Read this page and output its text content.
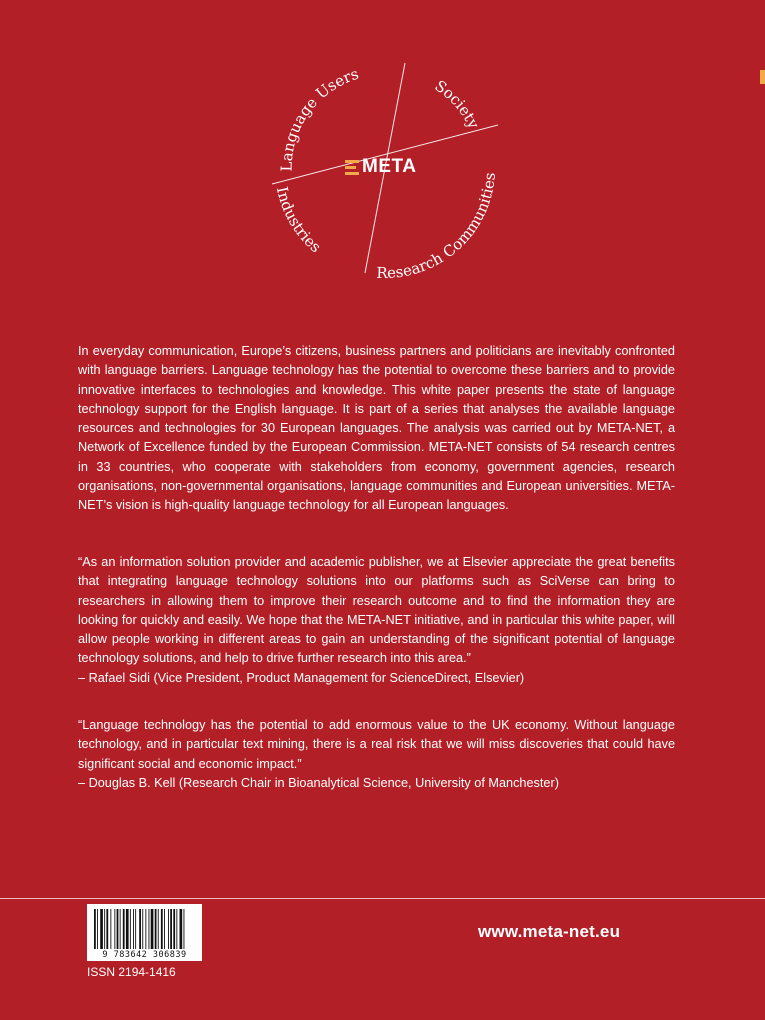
Language Users
Society
Research Communities
Industries
META

In everyday communication, Europe’s citizens, business partners and politicians are inevitably confronted with language barriers. Language technology has the potential to overcome these barriers and to provide innovative interfaces to technologies and knowledge. This white paper presents the state of language technology support for the English language. It is part of a series that analyses the available language resources and technologies for 30 European languages. The analysis was carried out by META-NET, a Network of Excellence funded by the European Commission. META-NET consists of 54 research centres in 33 countries, who cooperate with stakeholders from economy, government agencies, research organisations, non-governmental organisations, language communities and European universities. META-NET’s vision is high-quality language technology for all European languages.

“As an information solution provider and academic publisher, we at Elsevier appreciate the great benefits that integrating language technology solutions into our platforms such as SciVerse can bring to researchers in allowing them to improve their research outcome and to find the information they are looking for quickly and easily. We hope that the META-NET initiative, and in particular this white paper, will allow people working in different areas to gain an understanding of the significant potential of language technology solutions, and help to drive further research into this area.”

– Rafael Sidi (Vice President, Product Management for ScienceDirect, Elsevier)

“Language technology has the potential to add enormous value to the UK economy. Without language technology, and in particular text mining, there is a real risk that we will miss discoveries that could have significant social and economic impact.”

– Douglas B. Kell (Research Chair in Bioanalytical Science, University of Manchester)

9 783642 306839
ISSN 2194-1416
www.meta-net.eu
